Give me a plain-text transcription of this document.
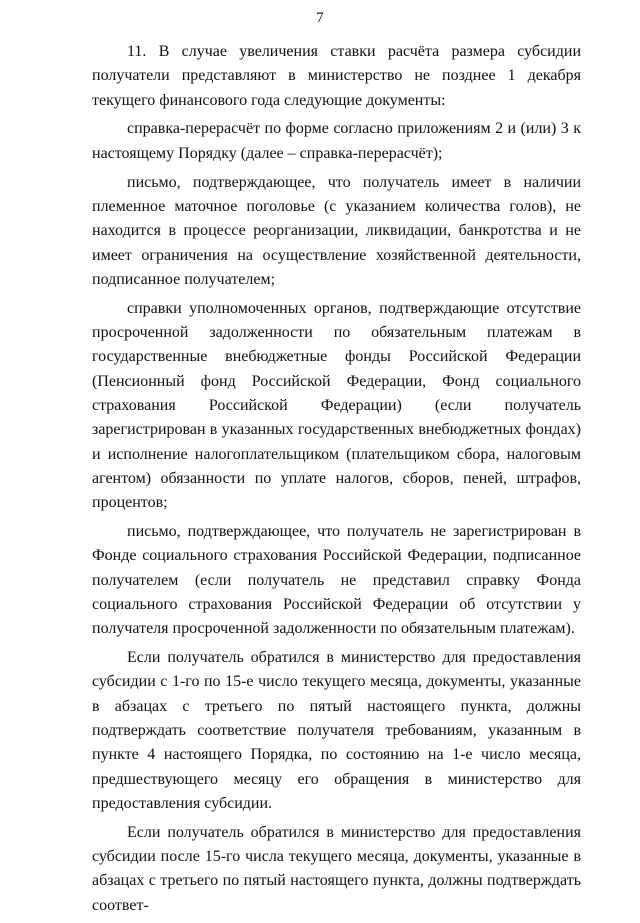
7

11. В случае увеличения ставки расчёта размера субсидии получатели представляют в министерство не позднее 1 декабря текущего финансового года следующие документы:

справка-перерасчёт по форме согласно приложениям 2 и (или) 3 к настоящему Порядку (далее – справка-перерасчёт);

письмо, подтверждающее, что получатель имеет в наличии племенное маточное поголовье (с указанием количества голов), не находится в процессе реорганизации, ликвидации, банкротства и не имеет ограничения на осуществление хозяйственной деятельности, подписанное получателем;

справки уполномоченных органов, подтверждающие отсутствие просроченной задолженности по обязательным платежам в государственные внебюджетные фонды Российской Федерации (Пенсионный фонд Российской Федерации, Фонд социального страхования Российской Федерации) (если получатель зарегистрирован в указанных государственных внебюджетных фондах) и исполнение налогоплательщиком (плательщиком сбора, налоговым агентом) обязанности по уплате налогов, сборов, пеней, штрафов, процентов;

письмо, подтверждающее, что получатель не зарегистрирован в Фонде социального страхования Российской Федерации, подписанное получателем (если получатель не представил справку Фонда социального страхования Российской Федерации об отсутствии у получателя просроченной задолженности по обязательным платежам).

Если получатель обратился в министерство для предоставления субсидии с 1-го по 15-е число текущего месяца, документы, указанные в абзацах с третьего по пятый настоящего пункта, должны подтверждать соответствие получателя требованиям, указанным в пункте 4 настоящего Порядка, по состоянию на 1-е число месяца, предшествующего месяцу его обращения в министерство для предоставления субсидии.

Если получатель обратился в министерство для предоставления субсидии после 15-го числа текущего месяца, документы, указанные в абзацах с третьего по пятый настоящего пункта, должны подтверждать соответ-
